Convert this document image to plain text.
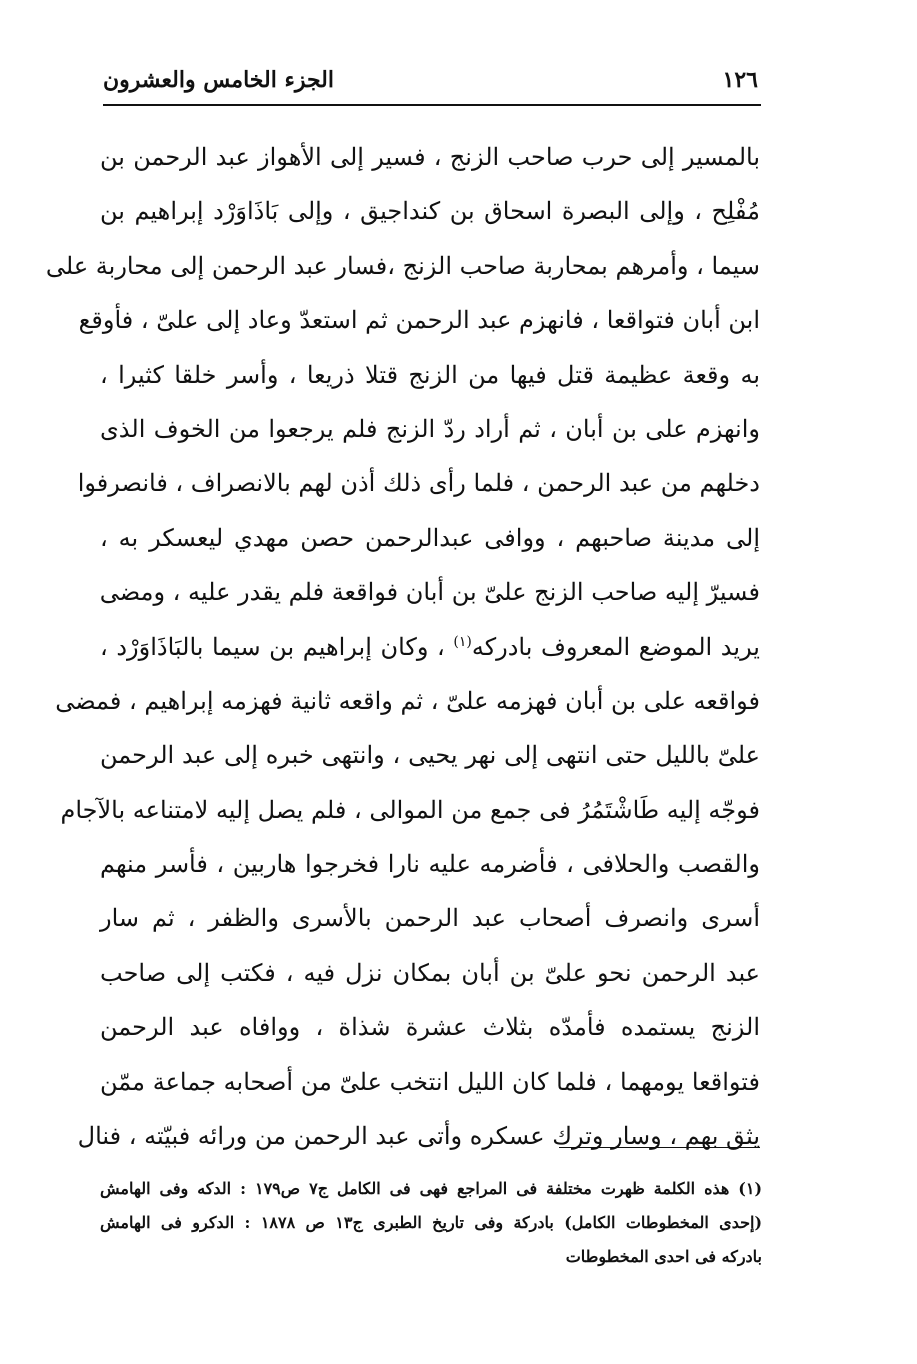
١٢٦
الجزء الخامس والعشرون
بالمسير إلى حرب صاحب الزنج ، فسير إلى الأهواز عبد الرحمن بن
مُفْلِح ، وإلى البصرة اسحاق بن كنداجيق ، وإلى بَاذَاوَرْد إبراهيم بن
سيما ، وأمرهم بمحاربة صاحب الزنج ،فسار عبد الرحمن إلى محاربة على
ابن أبان فتواقعا ، فانهزم عبد الرحمن ثم استعدّ وعاد إلى علىّ ، فأوقع
به وقعة عظيمة قتل فيها من الزنج قتلا ذريعا ، وأسر خلقا كثيرا ،
وانهزم على بن أبان ، ثم أراد ردّ الزنج فلم يرجعوا من الخوف الذى
دخلهم من عبد الرحمن ، فلما رأى ذلك أذن لهم بالانصراف ، فانصرفوا
إلى مدينة صاحبهم ، ووافى عبدالرحمن حصن مهدي ليعسكر به ،
فسيرّ إليه صاحب الزنج علىّ بن أبان فواقعة فلم يقدر عليه ، ومضى
يريد الموضع المعروف بادركه$^{(١)}$ ، وكان إبراهيم بن سيما بالبَاذَاوَرْد ،
فواقعه على بن أبان فهزمه علىّ ، ثم واقعه ثانية فهزمه إبراهيم ، فمضى
علىّ بالليل حتى انتهى إلى نهر يحيى ، وانتهى خبره إلى عبد الرحمن
فوجّه إليه طَاشْتَمُرُ فى جمع من الموالى ، فلم يصل إليه لامتناعه بالآجام
والقصب والحلافى ، فأضرمه عليه نارا فخرجوا هاربين ، فأسر منهم
أسرى وانصرف أصحاب عبد الرحمن بالأسرى والظفر ، ثم سار
عبد الرحمن نحو علىّ بن أبان بمكان نزل فيه ، فكتب إلى صاحب
الزنج يستمده فأمدّه بثلاث عشرة شذاة ، ووافاه عبد الرحمن
فتواقعا يومهما ، فلما كان الليل انتخب علىّ من أصحابه جماعة ممّن
يثق بهم ، وسار وترك عسكره وأتى عبد الرحمن من ورائه فبيّته ، فنال
(١) هذه الكلمة ظهرت مختلفة فى المراجع فهى فى الكامل ج٧ ص١٧٩ : الدكه وفى الهامش
(إحدى المخطوطات الكامل) بادركة وفى تاريخ الطبرى ج١٣ ص ١٨٧٨ : الدكرو فى الهامش
بادركه فى احدى المخطوطات
